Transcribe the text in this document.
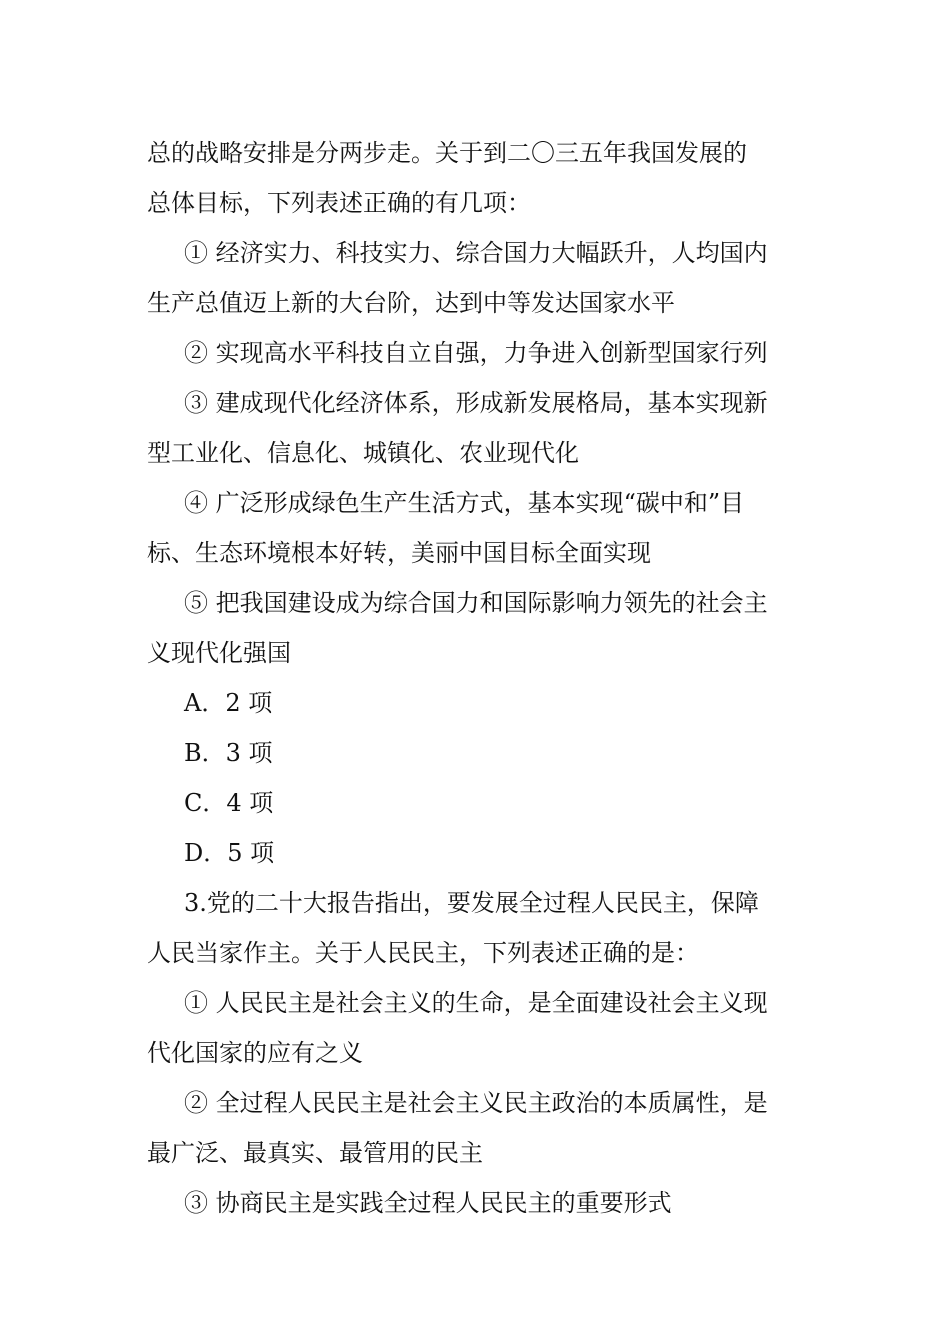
总的战略安排是分两步走。关于到二〇三五年我国发展的
总体目标，下列表述正确的有几项：
① 经济实力、科技实力、综合国力大幅跃升，人均国内
生产总值迈上新的大台阶，达到中等发达国家水平
② 实现高水平科技自立自强，力争进入创新型国家行列
③ 建成现代化经济体系，形成新发展格局，基本实现新
型工业化、信息化、城镇化、农业现代化
④ 广泛形成绿色生产生活方式，基本实现“碳中和”目
标、生态环境根本好转，美丽中国目标全面实现
⑤ 把我国建设成为综合国力和国际影响力领先的社会主
义现代化强国
A．2 项
B．3 项
C．4 项
D．5 项
3.党的二十大报告指出，要发展全过程人民民主，保障
人民当家作主。关于人民民主，下列表述正确的是：
① 人民民主是社会主义的生命，是全面建设社会主义现
代化国家的应有之义
② 全过程人民民主是社会主义民主政治的本质属性，是
最广泛、最真实、最管用的民主
③ 协商民主是实践全过程人民民主的重要形式
